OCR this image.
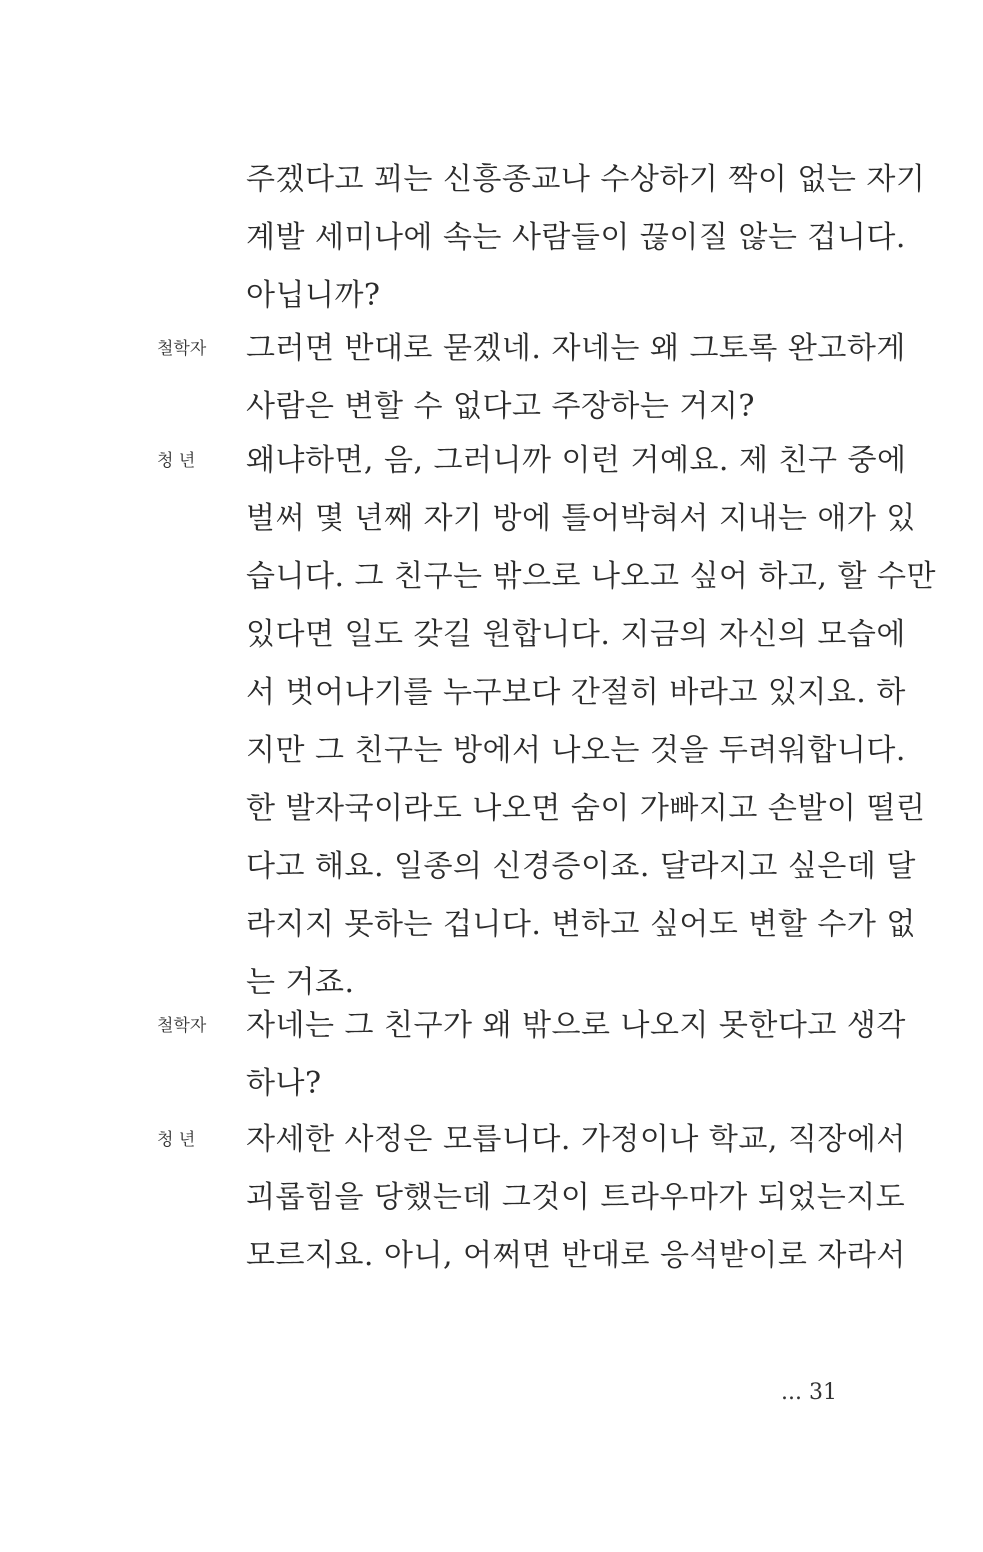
주겠다고 꾀는 신흥종교나 수상하기 짝이 없는 자기
계발 세미나에 속는 사람들이 끊이질 않는 겁니다.
아닙니까?
철학자 그러면 반대로 묻겠네. 자네는 왜 그토록 완고하게
사람은 변할 수 없다고 주장하는 거지?
청 년 왜냐하면, 음, 그러니까 이런 거예요. 제 친구 중에
벌써 몇 년째 자기 방에 틀어박혀서 지내는 애가 있
습니다. 그 친구는 밖으로 나오고 싶어 하고, 할 수만
있다면 일도 갖길 원합니다. 지금의 자신의 모습에
서 벗어나기를 누구보다 간절히 바라고 있지요. 하
지만 그 친구는 방에서 나오는 것을 두려워합니다.
한 발자국이라도 나오면 숨이 가빠지고 손발이 떨린
다고 해요. 일종의 신경증이죠. 달라지고 싶은데 달
라지지 못하는 겁니다. 변하고 싶어도 변할 수가 없
는 거죠.
철학자 자네는 그 친구가 왜 밖으로 나오지 못한다고 생각
하나?
청 년 자세한 사정은 모릅니다. 가정이나 학교, 직장에서
괴롭힘을 당했는데 그것이 트라우마가 되었는지도
모르지요. 아니, 어쩌면 반대로 응석받이로 자라서
... 31
